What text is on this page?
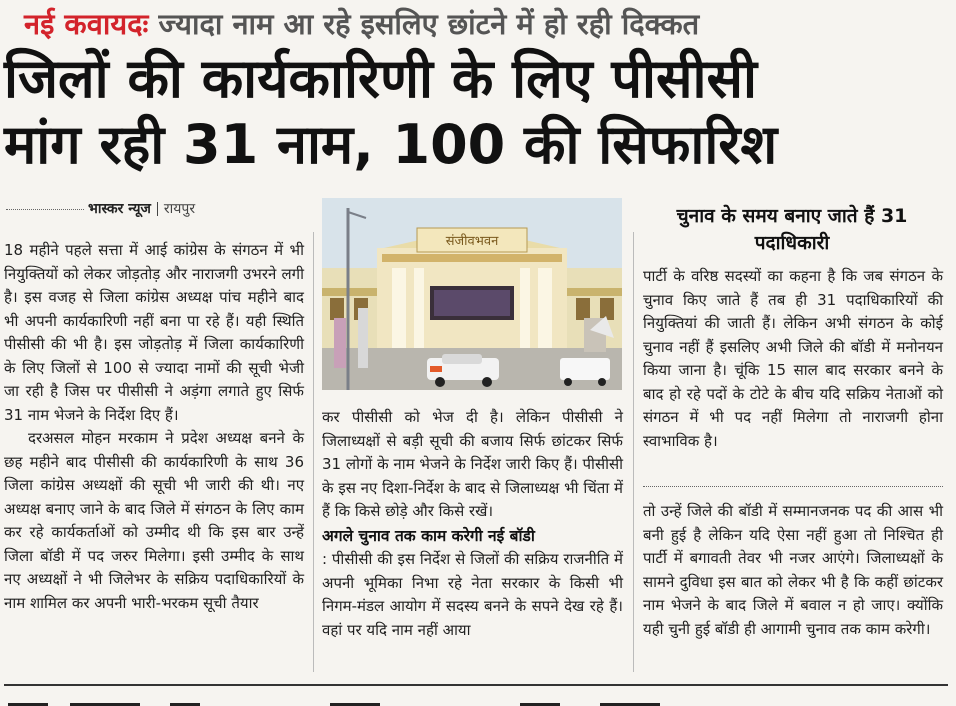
नई कवायदः ज्यादा नाम आ रहे इसलिए छांटने में हो रही दिक्कत
जिलों की कार्यकारिणी के लिए पीसीसी
मांग रही 31 नाम, 100 की सिफारिश
भास्कर न्यूज रायपुर

18 महीने पहले सत्ता में आई कांग्रेस के संगठन में भी नियुक्तियों को लेकर जोड़तोड़ और नाराजगी उभरने लगी है। इस वजह से जिला कांग्रेस अध्यक्ष पांच महीने बाद भी अपनी कार्यकारिणी नहीं बना पा रहे हैं। यही स्थिति पीसीसी की भी है। इस जोड़तोड़ में जिला कार्यकारिणी के लिए जिलों से 100 से ज्यादा नामों की सूची भेजी जा रही है जिस पर पीसीसी ने अड़ंगा लगाते हुए सिर्फ 31 नाम भेजने के निर्देश दिए हैं।

दरअसल मोहन मरकाम ने प्रदेश अध्यक्ष बनने के छह महीने बाद पीसीसी की कार्यकारिणी के साथ 36 जिला कांग्रेस अध्यक्षों की सूची भी जारी की थी। नए अध्यक्ष बनाए जाने के बाद जिले में संगठन के लिए काम कर रहे कार्यकर्ताओं को उम्मीद थी कि इस बार उन्हें जिला बॉडी में पद जरुर मिलेगा। इसी उम्मीद के साथ नए अध्यक्षों ने भी जिलेभर के सक्रिय पदाधिकारियों के नाम शामिल कर अपनी भारी-भरकम सूची तैयार

संजीवभवन

कर पीसीसी को भेज दी है। लेकिन पीसीसी ने जिलाध्यक्षों से बड़ी सूची की बजाय सिर्फ छांटकर सिर्फ 31 लोगों के नाम भेजने के निर्देश जारी किए हैं। पीसीसी के इस नए दिशा-निर्देश के बाद से जिलाध्यक्ष भी चिंता में हैं कि किसे छोड़े और किसे रखें।

अगले चुनाव तक काम करेगी नई बॉडी
: पीसीसी की इस निर्देश से जिलों की सक्रिय राजनीति में अपनी भूमिका निभा रहे नेता सरकार के किसी भी निगम-मंडल आयोग में सदस्य बनने के सपने देख रहे हैं। वहां पर यदि नाम नहीं आया

चुनाव के समय बनाए जाते हैं 31 पदाधिकारी

पार्टी के वरिष्ठ सदस्यों का कहना है कि जब संगठन के चुनाव किए जाते हैं तब ही 31 पदाधिकारियों की नियुक्तियां की जाती हैं। लेकिन अभी संगठन के कोई चुनाव नहीं हैं इसलिए अभी जिले की बॉडी में मनोनयन किया जाना है। चूंकि 15 साल बाद सरकार बनने के बाद हो रहे पदों के टोटे के बीच यदि सक्रिय नेताओं को संगठन में भी पद नहीं मिलेगा तो नाराजगी होना स्वाभाविक है।

तो उन्हें जिले की बॉडी में सम्मानजनक पद की आस भी बनी हुई है लेकिन यदि ऐसा नहीं हुआ तो निश्चित ही पार्टी में बगावती तेवर भी नजर आएंगे। जिलाध्यक्षों के सामने दुविधा इस बात को लेकर भी है कि कहीं छांटकर नाम भेजने के बाद जिले में बवाल न हो जाए। क्योंकि यही चुनी हुई बॉडी ही आगामी चुनाव तक काम करेगी।
